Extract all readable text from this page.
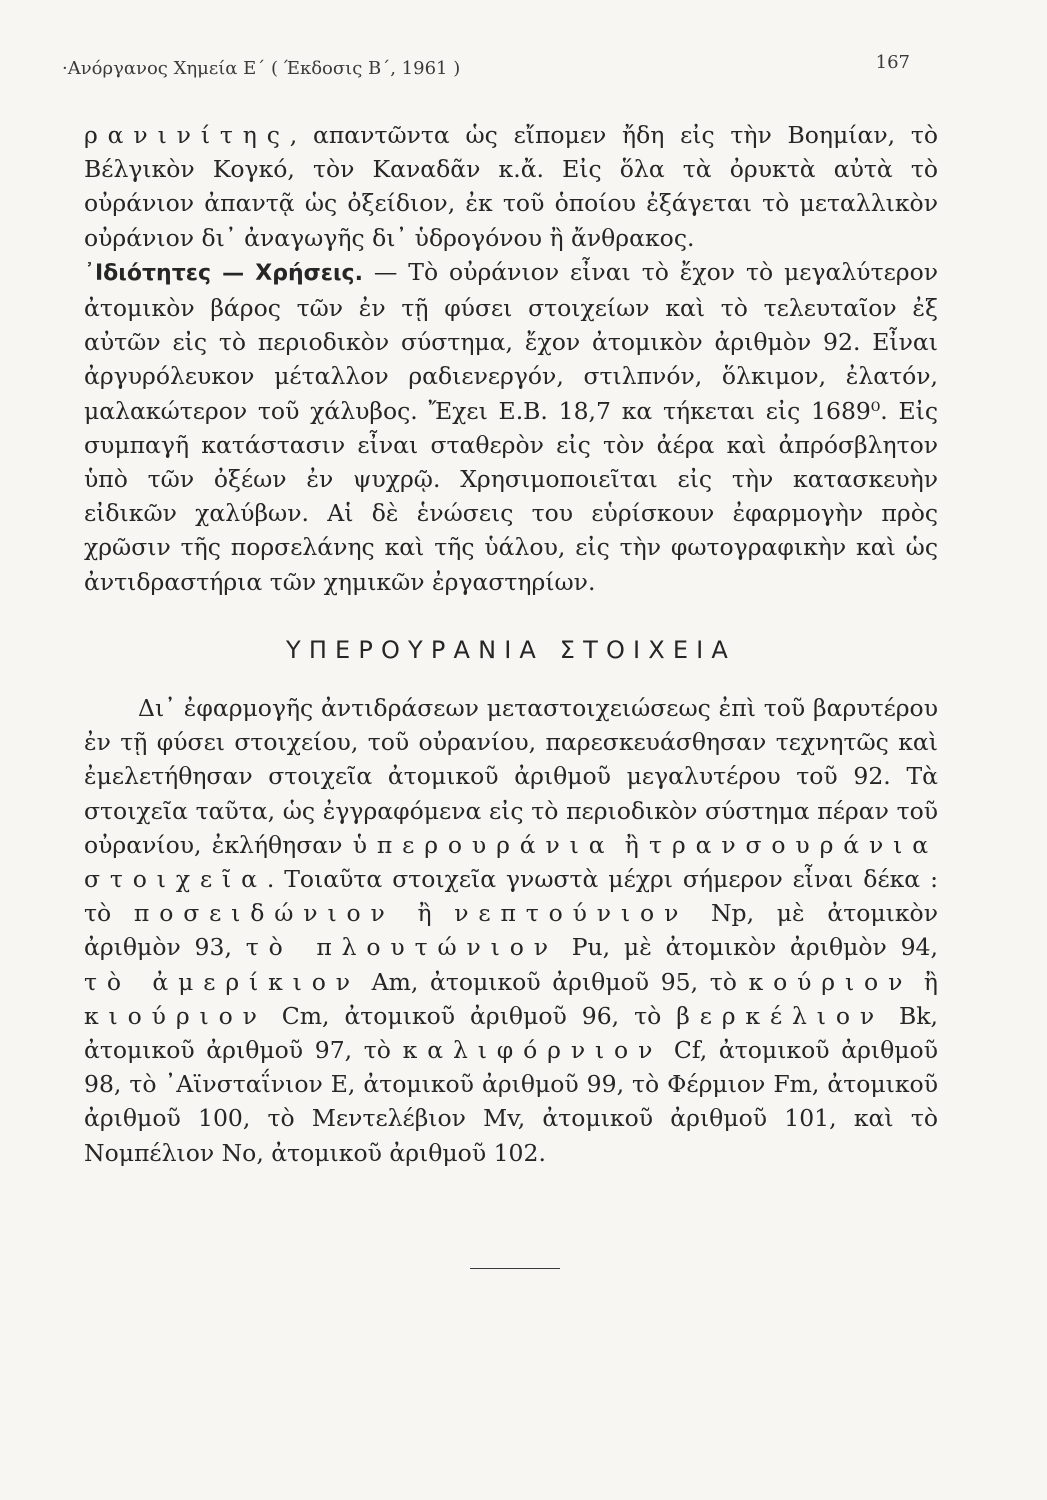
·Ανόργανος Χημεία Ε΄ ( Έκδοσις Β΄, 1961 )	167

ρανινίτης, απαντῶντα ὡς εἴπομεν ἤδη εἰς τὴν Βοημίαν, τὸ Βέλγικὸν Κογκό, τὸν Καναδᾶν κ.ἄ. Εἰς ὅλα τὰ ὀρυκτὰ αὐτὰ τὸ οὐράνιον ἀπαντᾷ ὡς ὀξείδιον, ἐκ τοῦ ὁποίου ἐξάγεται τὸ μεταλλικὸν οὐράνιον δι᾿ ἀναγωγῆς δι᾿ ὑδρογόνου ἢ ἄνθρακος.

᾿Ιδιότητες — Χρήσεις. — Τὸ οὐράνιον εἶναι τὸ ἔχον τὸ μεγαλύτερον ἀτομικὸν βάρος τῶν ἐν τῇ φύσει στοιχείων καὶ τὸ τελευταῖον ἐξ αὐτῶν εἰς τὸ περιοδικὸν σύστημα, ἔχον ἀτομικὸν ἀριθμὸν 92. Εἶναι ἀργυρόλευκον μέταλλον ραδιενεργόν, στιλπνόν, ὅλκιμον, ἐλατόν, μαλακώτερον τοῦ χάλυβος. Ἔχει Ε.Β. 18,7 κα τήκεται εἰς 1689⁰. Εἰς συμπαγῆ κατάστασιν εἶναι σταθερὸν εἰς τὸν ἀέρα καὶ ἀπρόσβλητον ὑπὸ τῶν ὀξέων ἐν ψυχρῷ. Χρησιμοποιεῖται εἰς τὴν κατασκευὴν εἰδικῶν χαλύβων. Αἱ δὲ ἑνώσεις του εὑρίσκουν ἐφαρμογὴν πρὸς χρῶσιν τῆς πορσελάνης καὶ τῆς ὑάλου, εἰς τὴν φωτογραφικὴν καὶ ὡς ἀντιδραστήρια τῶν χημικῶν ἐργαστηρίων.

ΥΠΕΡΟΥΡΑΝΙΑ ΣΤΟΙΧΕΙΑ

Δι᾿ ἐφαρμογῆς ἀντιδράσεων μεταστοιχειώσεως ἐπὶ τοῦ βαρυτέρου ἐν τῇ φύσει στοιχείου, τοῦ οὐρανίου, παρεσκευάσθησαν τεχνητῶς καὶ ἐμελετήθησαν στοιχεῖα ἀτομικοῦ ἀριθμοῦ μεγαλυτέρου τοῦ 92. Τὰ στοιχεῖα ταῦτα, ὡς ἐγγραφόμενα εἰς τὸ περιοδικὸν σύστημα πέραν τοῦ οὐρανίου, ἐκλήθησαν ὑπερουράνια ἢ τρανσουράνια στοιχεῖα. Τοιαῦτα στοιχεῖα γνωστὰ μέχρι σήμερον εἶναι δέκα : τὸ ποσειδώνιον ἢ νεπτούνιον Np, μὲ ἀτομικὸν ἀριθμὸν 93, τὸ πλουτώνιον Pu, μὲ ἀτομικὸν ἀριθμὸν 94, τὸ ἀμερίκιον Am, ἀτομικοῦ ἀριθμοῦ 95, τὸ κούριον ἢ κιούριον Cm, ἀτομικοῦ ἀριθμοῦ 96, τὸ βερκέλιον Bk, ἀτομικοῦ ἀριθμοῦ 97, τὸ καλιφόρνιον Cf, ἀτομικοῦ ἀριθμοῦ 98, τὸ ᾿Αϊνσταΐνιον E, ἀτομικοῦ ἀριθμοῦ 99, τὸ Φέρμιον Fm, ἀτομικοῦ ἀριθμοῦ 100, τὸ Μεντελέβιον Mv, ἀτομικοῦ ἀριθμοῦ 101, καὶ τὸ Νομπέλιον No, ἀτομικοῦ ἀριθμοῦ 102.
